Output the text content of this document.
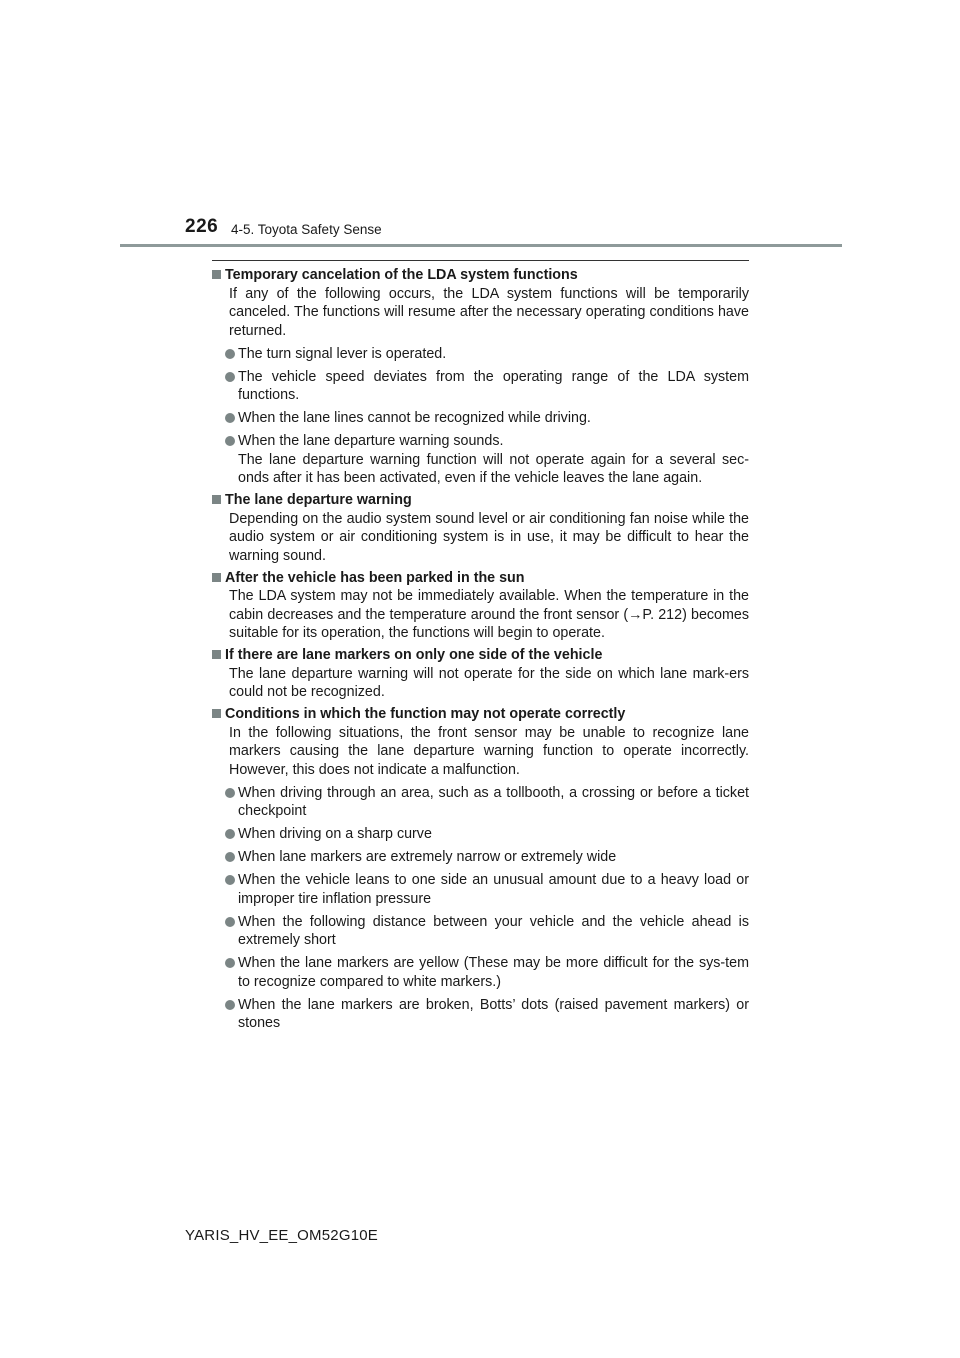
226 4-5. Toyota Safety Sense
Temporary cancelation of the LDA system functions
If any of the following occurs, the LDA system functions will be temporarily canceled. The functions will resume after the necessary operating conditions have returned.
The turn signal lever is operated.
The vehicle speed deviates from the operating range of the LDA system functions.
When the lane lines cannot be recognized while driving.
When the lane departure warning sounds.
The lane departure warning function will not operate again for a several sec-onds after it has been activated, even if the vehicle leaves the lane again.
The lane departure warning
Depending on the audio system sound level or air conditioning fan noise while the audio system or air conditioning system is in use, it may be difficult to hear the warning sound.
After the vehicle has been parked in the sun
The LDA system may not be immediately available. When the temperature in the cabin decreases and the temperature around the front sensor (→P. 212) becomes suitable for its operation, the functions will begin to operate.
If there are lane markers on only one side of the vehicle
The lane departure warning will not operate for the side on which lane mark-ers could not be recognized.
Conditions in which the function may not operate correctly
In the following situations, the front sensor may be unable to recognize lane markers causing the lane departure warning function to operate incorrectly. However, this does not indicate a malfunction.
When driving through an area, such as a tollbooth, a crossing or before a ticket checkpoint
When driving on a sharp curve
When lane markers are extremely narrow or extremely wide
When the vehicle leans to one side an unusual amount due to a heavy load or improper tire inflation pressure
When the following distance between your vehicle and the vehicle ahead is extremely short
When the lane markers are yellow (These may be more difficult for the sys-tem to recognize compared to white markers.)
When the lane markers are broken, Botts’ dots (raised pavement markers) or stones
YARIS_HV_EE_OM52G10E
